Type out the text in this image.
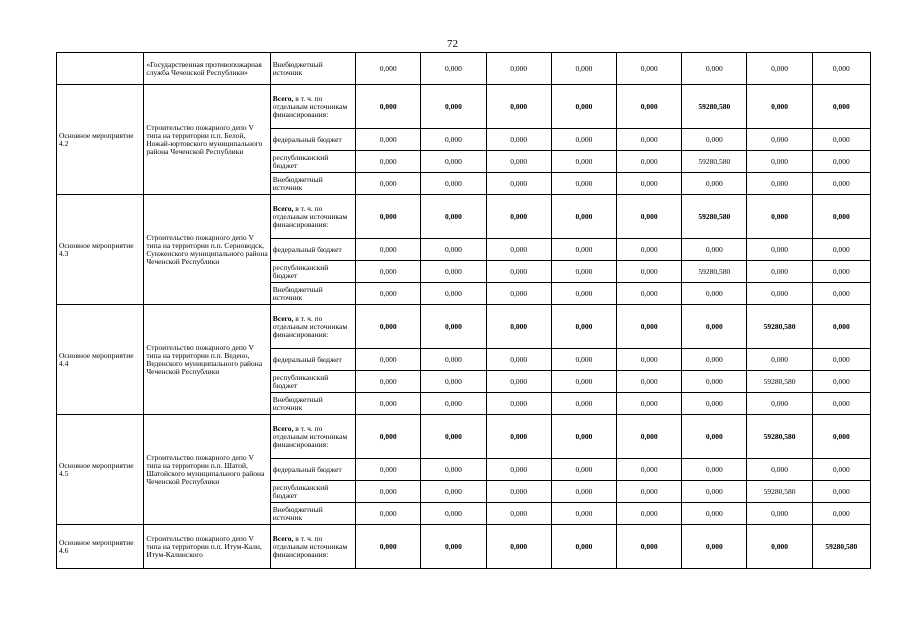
72
	«Государственная противопожарная служба Чеченской Республики»	Внебюджетный источник	0,000	0,000	0,000	0,000	0,000	0,000	0,000	0,000
Основное мероприятие 4.2	Строительство пожарного депо V типа на территории п.п. Белой, Ножай-юртовского муниципального района Чеченской Республики	Всего, в т. ч. по отдельным источникам финансирования:	0,000	0,000	0,000	0,000	0,000	59280,580	0,000	0,000
		федеральный бюджет	0,000	0,000	0,000	0,000	0,000	0,000	0,000	0,000
		республиканский бюджет	0,000	0,000	0,000	0,000	0,000	59280,580	0,000	0,000
		Внебюджетный источник	0,000	0,000	0,000	0,000	0,000	0,000	0,000	0,000
Основное мероприятие 4.3	Строительство пожарного депо V типа на территории п.п. Серноводск, Сунженского муниципального района Чеченской Республики	Всего, в т. ч. по отдельным источникам финансирования:	0,000	0,000	0,000	0,000	0,000	59280,580	0,000	0,000
		федеральный бюджет	0,000	0,000	0,000	0,000	0,000	0,000	0,000	0,000
		республиканский бюджет	0,000	0,000	0,000	0,000	0,000	59280,580	0,000	0,000
		Внебюджетный источник	0,000	0,000	0,000	0,000	0,000	0,000	0,000	0,000
Основное мероприятие 4.4	Строительство пожарного депо V типа на территории п.п. Ведено, Веденского муниципального района Чеченской Республики	Всего, в т. ч. по отдельным источникам финансирования:	0,000	0,000	0,000	0,000	0,000	0,000	59280,580	0,000
		федеральный бюджет	0,000	0,000	0,000	0,000	0,000	0,000	0,000	0,000
		республиканский бюджет	0,000	0,000	0,000	0,000	0,000	0,000	59280,580	0,000
		Внебюджетный источник	0,000	0,000	0,000	0,000	0,000	0,000	0,000	0,000
Основное мероприятие 4.5	Строительство пожарного депо V типа на территории п.п. Шатой, Шатойского муниципального района Чеченской Республики	Всего, в т. ч. по отдельным источникам финансирования:	0,000	0,000	0,000	0,000	0,000	0,000	59280,580	0,000
		федеральный бюджет	0,000	0,000	0,000	0,000	0,000	0,000	0,000	0,000
		республиканский бюджет	0,000	0,000	0,000	0,000	0,000	0,000	59280,580	0,000
		Внебюджетный источник	0,000	0,000	0,000	0,000	0,000	0,000	0,000	0,000
Основное мероприятие 4.6	Строительство пожарного депо V типа на территории п.п. Итум-Кали, Итум-Калинского	Всего, в т. ч. по отдельным источникам финансирования:	0,000	0,000	0,000	0,000	0,000	0,000	0,000	59280,580
